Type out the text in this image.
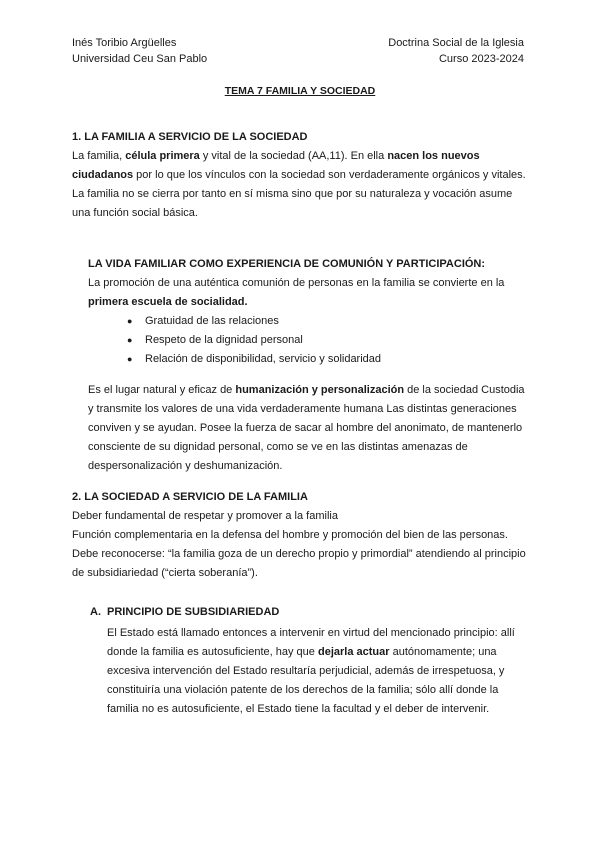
Inés Toribio Argüelles
Universidad Ceu San Pablo
Doctrina Social de la Iglesia
Curso 2023-2024
TEMA 7 FAMILIA Y SOCIEDAD
1. LA FAMILIA A SERVICIO DE LA SOCIEDAD

La familia, célula primera y vital de la sociedad (AA,11). En ella nacen los nuevos ciudadanos por lo que los vínculos con la sociedad son verdaderamente orgánicos y vitales. La familia no se cierra por tanto en sí misma sino que por su naturaleza y vocación asume una función social básica.

LA VIDA FAMILIAR COMO EXPERIENCIA DE COMUNIÓN Y PARTICIPACIÓN:

La promoción de una auténtica comunión de personas en la familia se convierte en la primera escuela de socialidad.

● Gratuidad de las relaciones
● Respeto de la dignidad personal
● Relación de disponibilidad, servicio y solidaridad

Es el lugar natural y eficaz de humanización y personalización de la sociedad Custodia y transmite los valores de una vida verdaderamente humana Las distintas generaciones conviven y se ayudan. Posee la fuerza de sacar al hombre del anonimato, de mantenerlo consciente de su dignidad personal, como se ve en las distintas amenazas de despersonalización y deshumanización.

2. LA SOCIEDAD A SERVICIO DE LA FAMILIA

Deber fundamental de respetar y promover a la familia

Función complementaria en la defensa del hombre y promoción del bien de las personas. Debe reconocerse: “la familia goza de un derecho propio y primordial” atendiendo al principio de subsidiariedad (“cierta soberanía”).

A. PRINCIPIO DE SUBSIDIARIEDAD

El Estado está llamado entonces a intervenir en virtud del mencionado principio: allí donde la familia es autosuficiente, hay que dejarla actuar autónomamente; una excesiva intervención del Estado resultaría perjudicial, además de irrespetuosa, y constituiría una violación patente de los derechos de la familia; sólo allí donde la familia no es autosuficiente, el Estado tiene la facultad y el deber de intervenir.
